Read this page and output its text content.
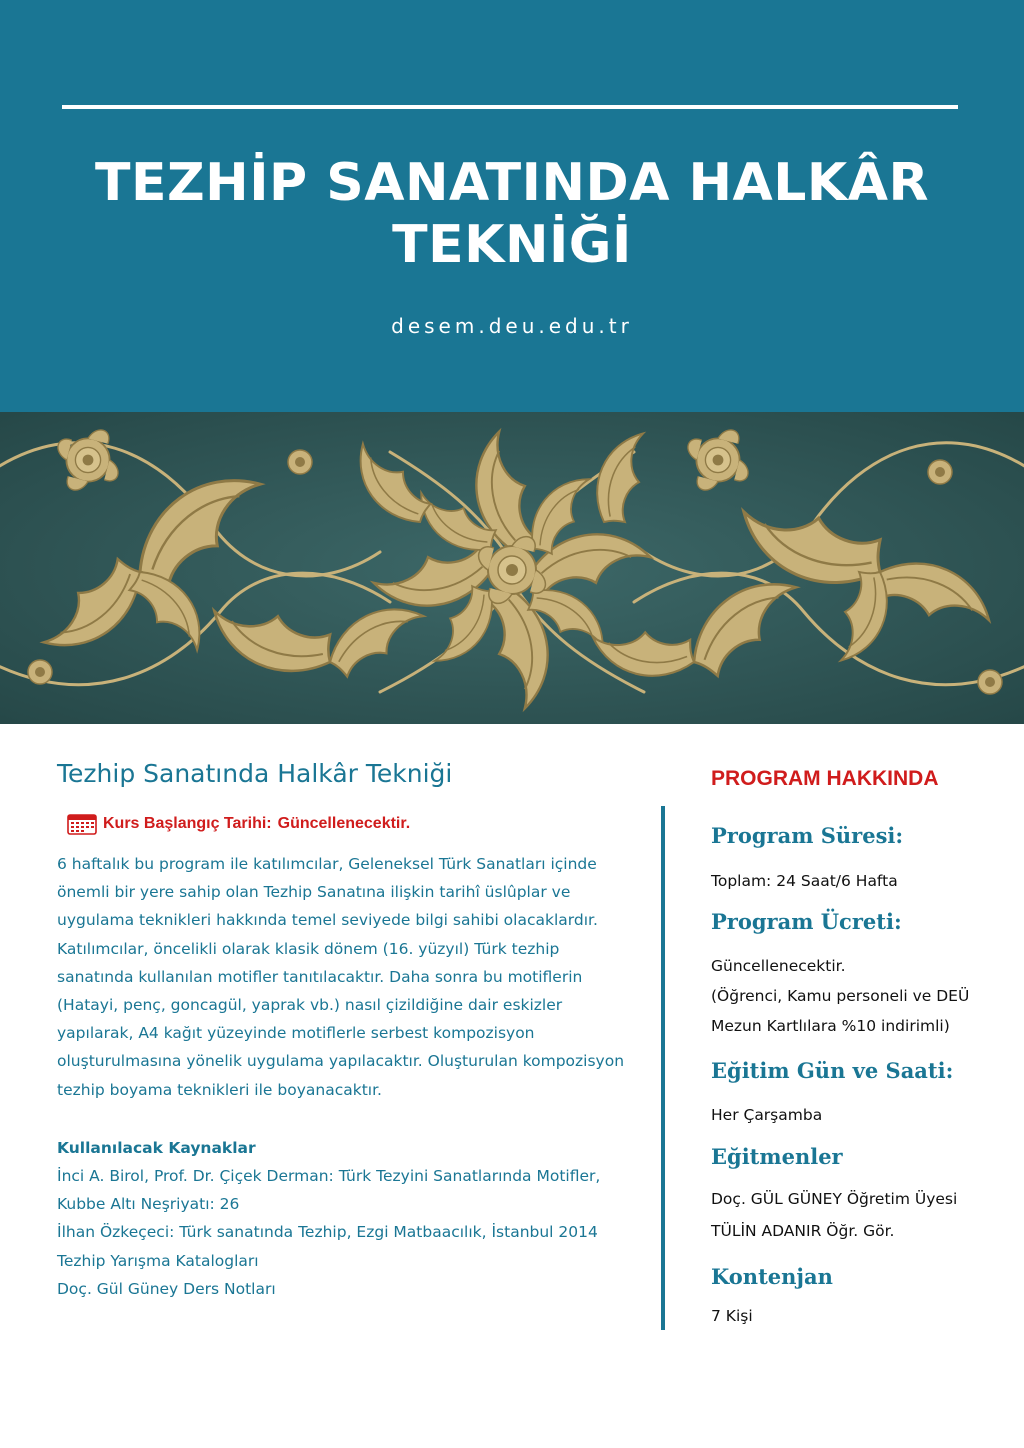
TEZHİP SANATINDA HALKÂR
TEKNİĞİ
desem.deu.edu.tr
Tezhip Sanatında Halkâr Tekniği
Kurs Başlangıç Tarihi: Güncellenecektir.
6 haftalık bu program ile katılımcılar, Geleneksel Türk Sanatları içinde
önemli bir yere sahip olan Tezhip Sanatına ilişkin tarihî üslûplar ve
uygulama teknikleri hakkında temel seviyede bilgi sahibi olacaklardır.
Katılımcılar, öncelikli olarak klasik dönem (16. yüzyıl) Türk tezhip
sanatında kullanılan motifler tanıtılacaktır. Daha sonra bu motiflerin
(Hatayi, penç, goncagül, yaprak vb.) nasıl çizildiğine dair eskizler
yapılarak, A4 kağıt yüzeyinde motiflerle serbest kompozisyon
oluşturulmasına yönelik uygulama yapılacaktır. Oluşturulan kompozisyon
tezhip boyama teknikleri ile boyanacaktır.
Kullanılacak Kaynaklar
İnci A. Birol, Prof. Dr. Çiçek Derman: Türk Tezyini Sanatlarında Motifler,
Kubbe Altı Neşriyatı: 26
İlhan Özkeçeci: Türk sanatında Tezhip, Ezgi Matbaacılık, İstanbul 2014
Tezhip Yarışma Katalogları
Doç. Gül Güney Ders Notları
PROGRAM HAKKINDA
Program Süresi:
Toplam: 24 Saat/6 Hafta
Program Ücreti:
Güncellenecektir.
(Öğrenci, Kamu personeli ve DEÜ
Mezun Kartlılara %10 indirimli)
Eğitim Gün ve Saati:
Her Çarşamba
Eğitmenler
Doç. GÜL GÜNEY Öğretim Üyesi
TÜLİN ADANIR Öğr. Gör.
Kontenjan
7 Kişi
